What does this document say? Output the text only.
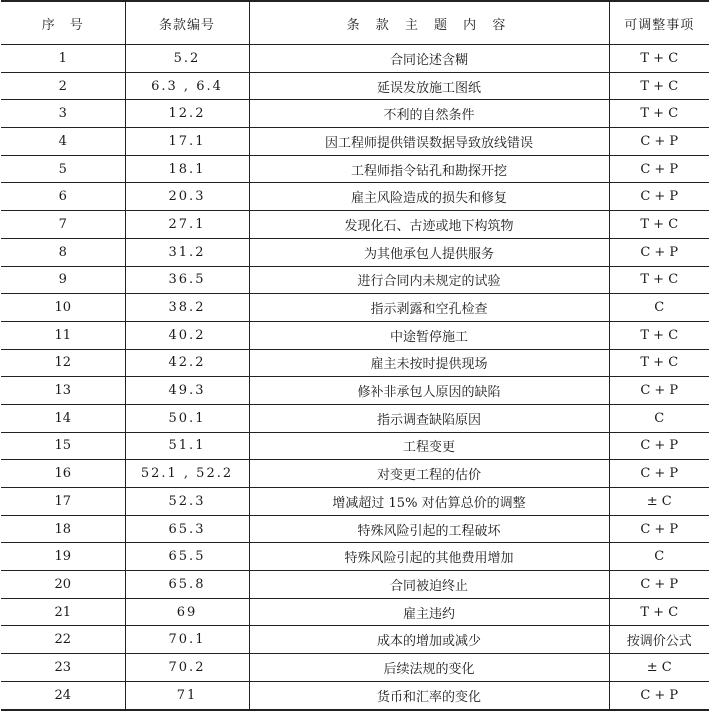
序　号	条款编号	条 款 主 题 内 容	可调整事项
1	5.2	合同论述含糊	T + C
2	6.3 , 6.4	延误发放施工图纸	T + C
3	12.2	不利的自然条件	T + C
4	17.1	因工程师提供错误数据导致放线错误	C + P
5	18.1	工程师指令钻孔和勘探开挖	C + P
6	20.3	雇主风险造成的损失和修复	C + P
7	27.1	发现化石、古迹或地下构筑物	T + C
8	31.2	为其他承包人提供服务	C + P
9	36.5	进行合同内未规定的试验	T + C
10	38.2	指示剥露和空孔检查	C
11	40.2	中途暂停施工	T + C
12	42.2	雇主未按时提供现场	T + C
13	49.3	修补非承包人原因的缺陷	C + P
14	50.1	指示调查缺陷原因	C
15	51.1	工程变更	C + P
16	52.1 , 52.2	对变更工程的估价	C + P
17	52.3	增减超过 15% 对估算总价的调整	± C
18	65.3	特殊风险引起的工程破坏	C + P
19	65.5	特殊风险引起的其他费用增加	C
20	65.8	合同被迫终止	C + P
21	69	雇主违约	T + C
22	70.1	成本的增加或减少	按调价公式
23	70.2	后续法规的变化	± C
24	71	货币和汇率的变化	C + P
